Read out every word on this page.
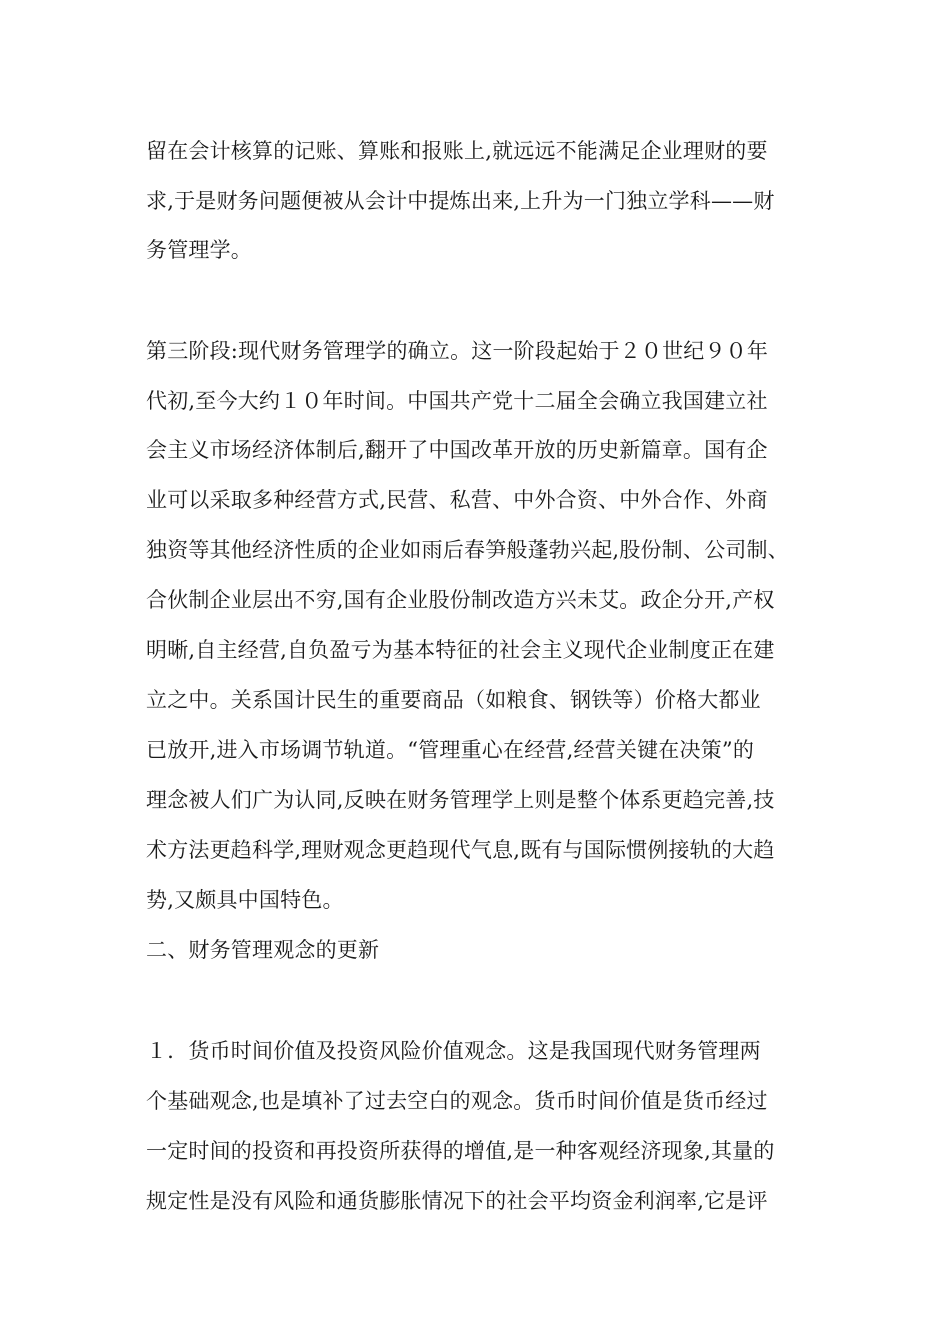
留在会计核算的记账、算账和报账上,就远远不能满足企业理财的要
求,于是财务问题便被从会计中提炼出来,上升为一门独立学科——财
务管理学。
第三阶段:现代财务管理学的确立。这一阶段起始于２０世纪９０年
代初,至今大约１０年时间。中国共产党十二届全会确立我国建立社
会主义市场经济体制后,翻开了中国改革开放的历史新篇章。国有企
业可以采取多种经营方式,民营、私营、中外合资、中外合作、外商
独资等其他经济性质的企业如雨后春笋般蓬勃兴起,股份制、公司制、
合伙制企业层出不穷,国有企业股份制改造方兴未艾。政企分开,产权
明晰,自主经营,自负盈亏为基本特征的社会主义现代企业制度正在建
立之中。关系国计民生的重要商品（如粮食、钢铁等）价格大都业
已放开,进入市场调节轨道。“管理重心在经营,经营关键在决策”的
理念被人们广为认同,反映在财务管理学上则是整个体系更趋完善,技
术方法更趋科学,理财观念更趋现代气息,既有与国际惯例接轨的大趋
势,又颇具中国特色。
二、财务管理观念的更新
１．货币时间价值及投资风险价值观念。这是我国现代财务管理两
个基础观念,也是填补了过去空白的观念。货币时间价值是货币经过
一定时间的投资和再投资所获得的增值,是一种客观经济现象,其量的
规定性是没有风险和通货膨胀情况下的社会平均资金利润率,它是评
